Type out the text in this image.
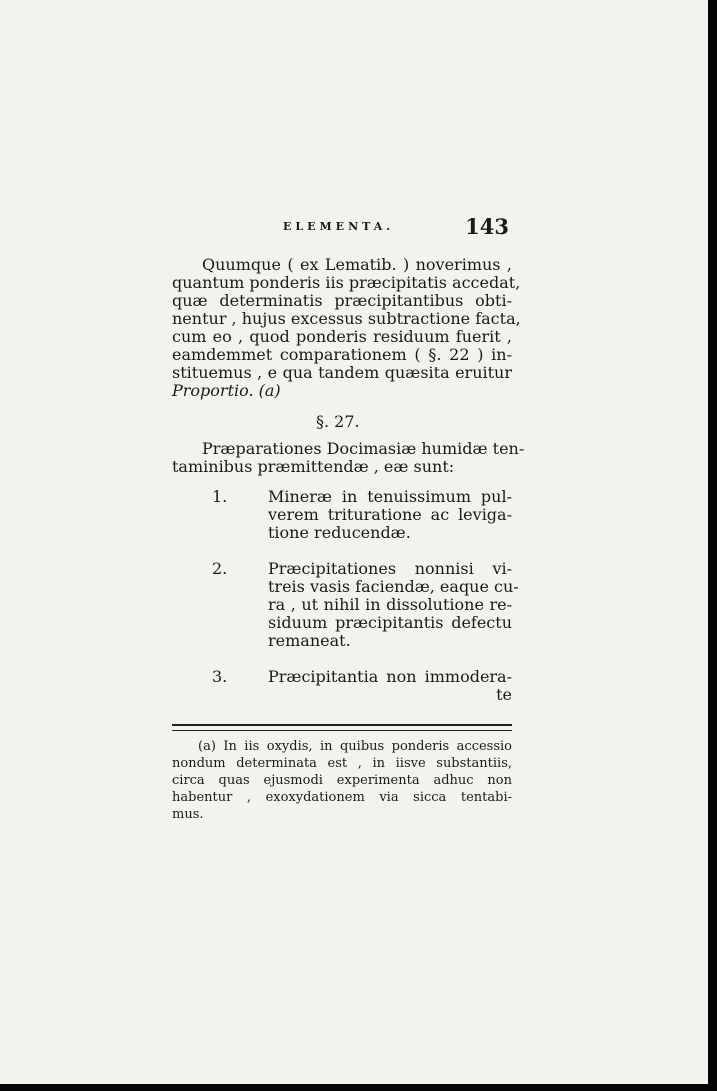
ELEMENTA.	143
Quumque ( ex Lematib. ) noverimus ,
quantum ponderis iis præcipitatis accedat,
quæ determinatis præcipitantibus obti-
nentur , hujus excessus subtractione facta,
cum eo , quod ponderis residuum fuerit ,
eamdemmet comparationem ( §. 22 ) in-
stituemus , e qua tandem quæsita eruitur
Proportio. (a)
§. 27.
Præparationes Docimasiæ humidæ ten-
taminibus præmittendæ , eæ sunt:
1.	Mineræ in tenuissimum pul-
verem trituratione ac leviga-
tione reducendæ.
2.	Præcipitationes nonnisi vi-
treis vasis faciendæ, eaque cu-
ra , ut nihil in dissolutione re-
siduum præcipitantis defectu
remaneat.
3.	Præcipitantia non immodera-
te
(a) In iis oxydis, in quibus ponderis accessio
nondum determinata est , in iisve substantiis,
circa quas ejusmodi experimenta adhuc non
habentur , exoxydationem via sicca tentabi-
mus.
